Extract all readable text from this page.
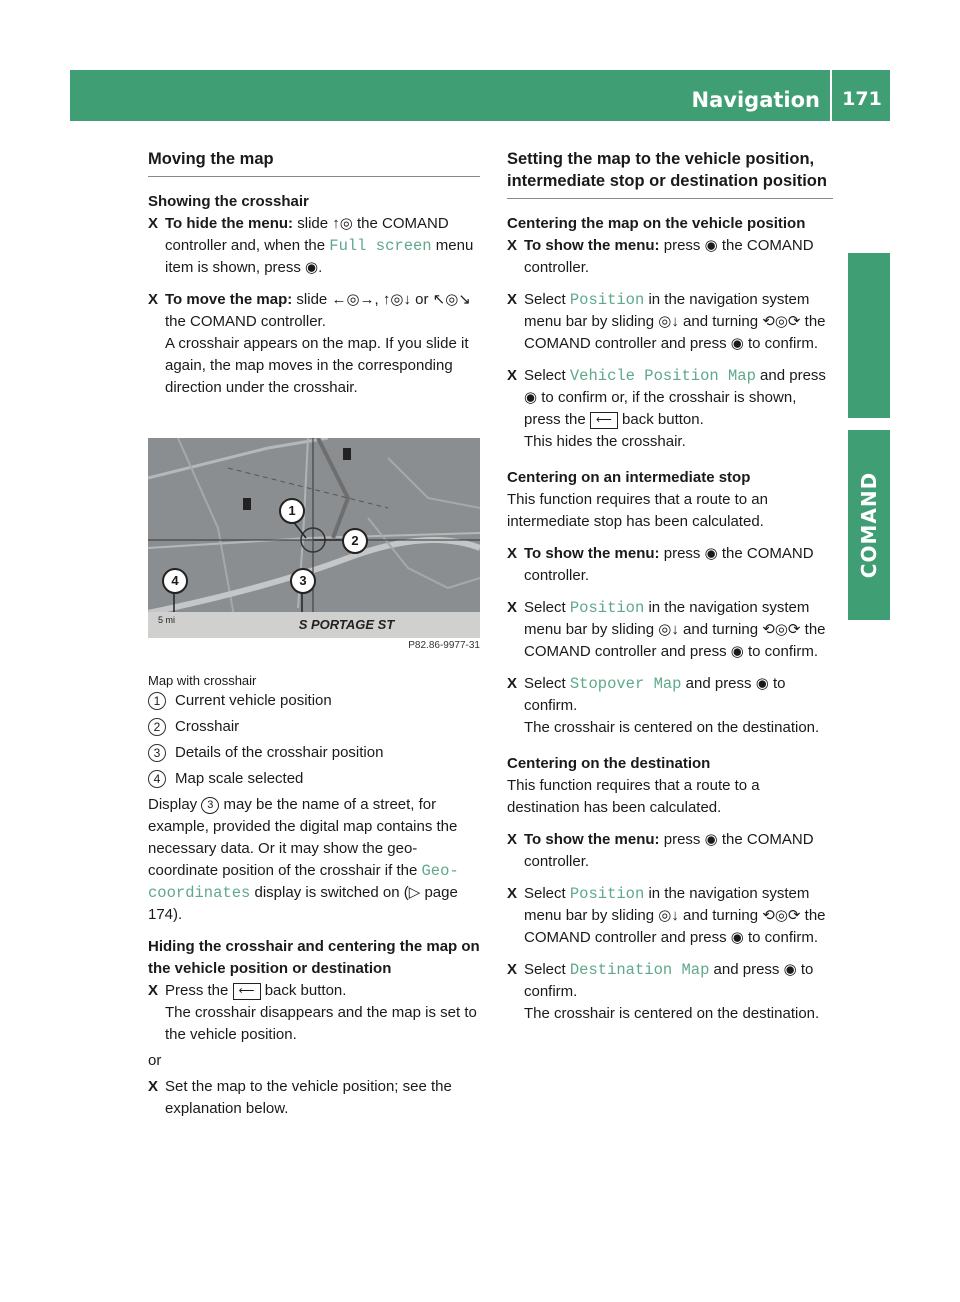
Navigation	171
COMAND
Moving the map
Showing the crosshair

X To hide the menu: slide ↑◎ the COMAND controller and, when the Full screen menu item is shown, press ◉.

X To move the map: slide ←◎→, ↑◎↓ or ↖◎↘ the COMAND controller.
A crosshair appears on the map. If you slide it again, the map moves in the corresponding direction under the crosshair.

1
2
3
4
5 mi	S PORTAGE ST
P82.86-9977-31

Map with crosshair

1 Current vehicle position
2 Crosshair
3 Details of the crosshair position
4 Map scale selected

Display 3 may be the name of a street, for example, provided the digital map contains the necessary data. Or it may show the geo-coordinate position of the crosshair if the Geo-coordinates display is switched on (▷ page 174).

Hiding the crosshair and centering the map on the vehicle position or destination

X Press the ⟵ back button.
The crosshair disappears and the map is set to the vehicle position.

or

X Set the map to the vehicle position; see the explanation below.

Setting the map to the vehicle position, intermediate stop or destination position
Centering the map on the vehicle position

X To show the menu: press ◉ the COMAND controller.

X Select Position in the navigation system menu bar by sliding ◎↓ and turning ⟲◎⟳ the COMAND controller and press ◉ to confirm.

X Select Vehicle Position Map and press ◉ to confirm or, if the crosshair is shown, press the ⟵ back button.
This hides the crosshair.

Centering on an intermediate stop

This function requires that a route to an intermediate stop has been calculated.

X To show the menu: press ◉ the COMAND controller.

X Select Position in the navigation system menu bar by sliding ◎↓ and turning ⟲◎⟳ the COMAND controller and press ◉ to confirm.

X Select Stopover Map and press ◉ to confirm.
The crosshair is centered on the destination.

Centering on the destination

This function requires that a route to a destination has been calculated.

X To show the menu: press ◉ the COMAND controller.

X Select Position in the navigation system menu bar by sliding ◎↓ and turning ⟲◎⟳ the COMAND controller and press ◉ to confirm.

X Select Destination Map and press ◉ to confirm.
The crosshair is centered on the destination.
